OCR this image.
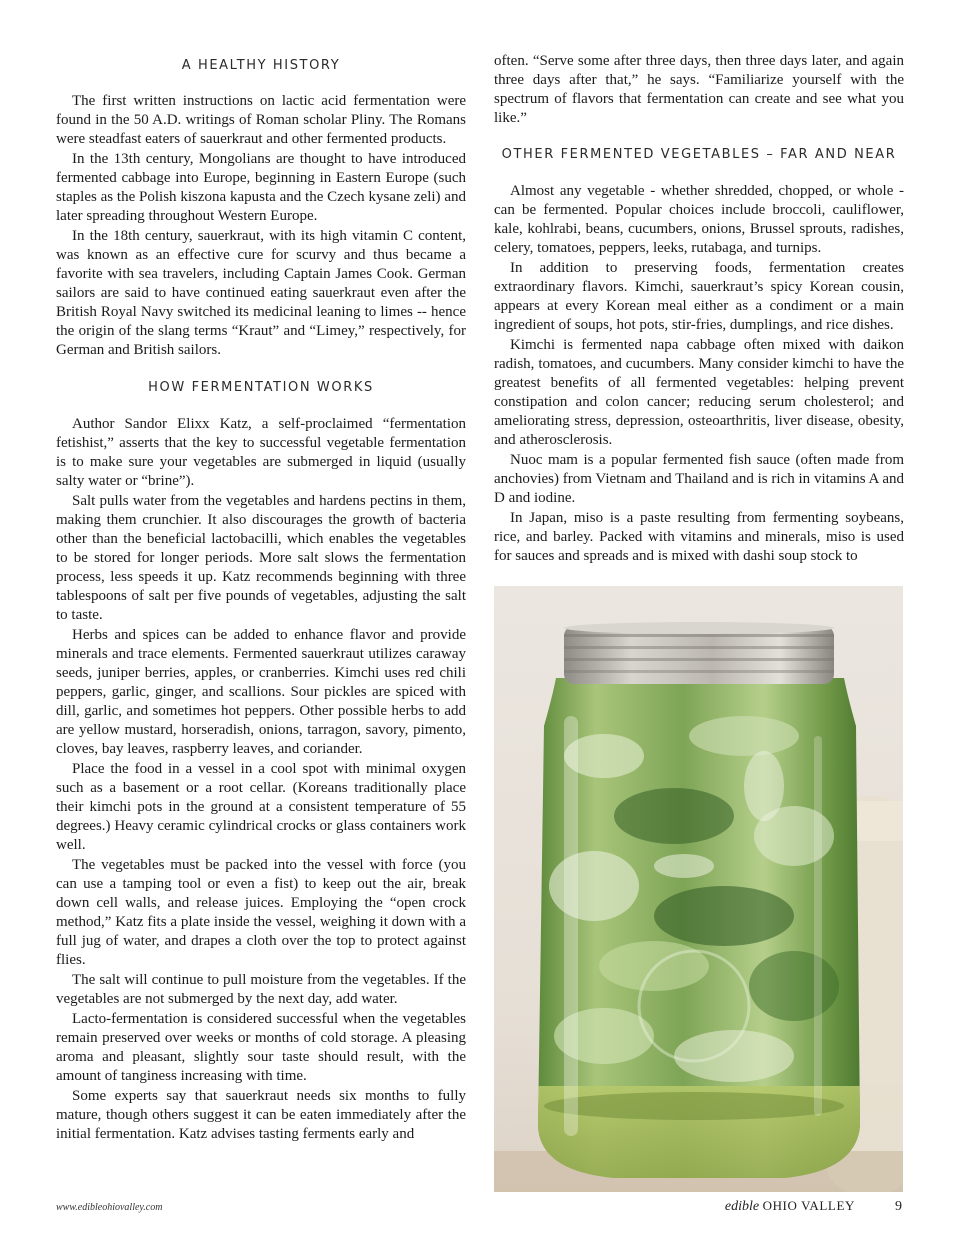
A HEALTHY HISTORY

The first written instructions on lactic acid fermentation were found in the 50 A.D. writings of Roman scholar Pliny. The Romans were steadfast eaters of sauerkraut and other fermented products.

In the 13th century, Mongolians are thought to have introduced fermented cabbage into Europe, beginning in Eastern Europe (such staples as the Polish kiszona kapusta and the Czech kysane zeli) and later spreading throughout Western Europe.

In the 18th century, sauerkraut, with its high vitamin C content, was known as an effective cure for scurvy and thus became a favorite with sea travelers, including Captain James Cook. German sailors are said to have continued eating sauerkraut even after the British Royal Navy switched its medicinal leaning to limes -- hence the origin of the slang terms “Kraut” and “Limey,” respectively, for German and British sailors.

HOW FERMENTATION WORKS

Author Sandor Elixx Katz, a self-proclaimed “fermentation fetishist,” asserts that the key to successful vegetable fermentation is to make sure your vegetables are submerged in liquid (usually salty water or “brine”).

Salt pulls water from the vegetables and hardens pectins in them, making them crunchier. It also discourages the growth of bacteria other than the beneficial lactobacilli, which enables the vegetables to be stored for longer periods. More salt slows the fermentation process, less speeds it up. Katz recommends beginning with three tablespoons of salt per five pounds of vegetables, adjusting the salt to taste.

Herbs and spices can be added to enhance flavor and provide minerals and trace elements. Fermented sauerkraut utilizes caraway seeds, juniper berries, apples, or cranberries. Kimchi uses red chili peppers, garlic, ginger, and scallions. Sour pickles are spiced with dill, garlic, and sometimes hot peppers. Other possible herbs to add are yellow mustard, horseradish, onions, tarragon, savory, pimento, cloves, bay leaves, raspberry leaves, and coriander.

Place the food in a vessel in a cool spot with minimal oxygen such as a basement or a root cellar. (Koreans traditionally place their kimchi pots in the ground at a consistent temperature of 55 degrees.) Heavy ceramic cylindrical crocks or glass containers work well.

The vegetables must be packed into the vessel with force (you can use a tamping tool or even a fist) to keep out the air, break down cell walls, and release juices. Employing the “open crock method,” Katz fits a plate inside the vessel, weighing it down with a full jug of water, and drapes a cloth over the top to protect against flies.

The salt will continue to pull moisture from the vegetables. If the vegetables are not submerged by the next day, add water.

Lacto-fermentation is considered successful when the vegetables remain preserved over weeks or months of cold storage. A pleasing aroma and pleasant, slightly sour taste should result, with the amount of tanginess increasing with time.

Some experts say that sauerkraut needs six months to fully mature, though others suggest it can be eaten immediately after the initial fermentation. Katz advises tasting ferments early and

often. “Serve some after three days, then three days later, and again three days after that,” he says. “Familiarize yourself with the spectrum of flavors that fermentation can create and see what you like.”

OTHER FERMENTED VEGETABLES – FAR AND NEAR

Almost any vegetable - whether shredded, chopped, or whole - can be fermented. Popular choices include broccoli, cauliflower, kale, kohlrabi, beans, cucumbers, onions, Brussel sprouts, radishes, celery, tomatoes, peppers, leeks, rutabaga, and turnips.

In addition to preserving foods, fermentation creates extraordinary flavors. Kimchi, sauerkraut’s spicy Korean cousin, appears at every Korean meal either as a condiment or a main ingredient of soups, hot pots, stir-fries, dumplings, and rice dishes.

Kimchi is fermented napa cabbage often mixed with daikon radish, tomatoes, and cucumbers. Many consider kimchi to have the greatest benefits of all fermented vegetables: helping prevent constipation and colon cancer; reducing serum cholesterol; and ameliorating stress, depression, osteoarthritis, liver disease, obesity, and atherosclerosis.

Nuoc mam is a popular fermented fish sauce (often made from anchovies) from Vietnam and Thailand and is rich in vitamins A and D and iodine.

In Japan, miso is a paste resulting from fermenting soybeans, rice, and barley. Packed with vitamins and minerals, miso is used for sauces and spreads and is mixed with dashi soup stock to

www.edibleohiovalley.com	edible OHIO VALLEY	9
